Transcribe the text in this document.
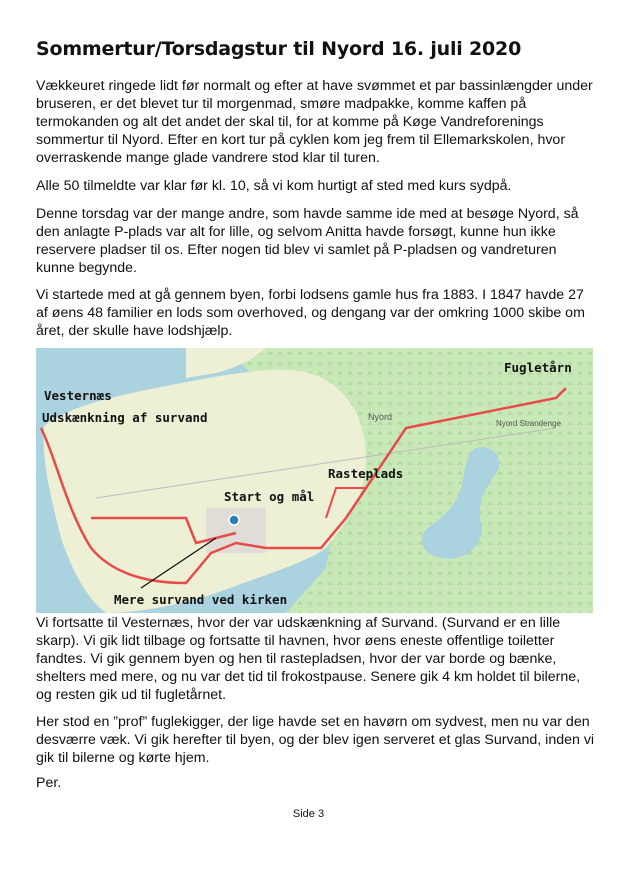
Sommertur/Torsdagstur til Nyord 16. juli 2020

Vækkeuret ringede lidt før normalt og efter at have svømmet et par bassinlængder under bruseren, er det blevet tur til morgenmad, smøre madpakke, komme kaffen på termokanden og alt det andet der skal til, for at komme på Køge Vandreforenings sommertur til Nyord. Efter en kort tur på cyklen kom jeg frem til Ellemarkskolen, hvor overraskende mange glade vandrere stod klar til turen.

Alle 50 tilmeldte var klar før kl. 10, så vi kom hurtigt af sted med kurs sydpå.

Denne torsdag var der mange andre, som havde samme ide med at besøge Nyord, så den anlagte P-plads var alt for lille, og selvom Anitta havde forsøgt, kunne hun ikke reservere pladser til os. Efter nogen tid blev vi samlet på P-pladsen og vandreturen kunne begynde.

Vi startede med at gå gennem byen, forbi lodsens gamle hus fra 1883. I 1847 havde 27 af øens 48 familier en lods som overhoved, og dengang var der omkring 1000 skibe om året, der skulle have lodshjælp.

Vesternæs
Udskænkning af survand
Fugletårn
Rasteplads
Start og mål
Mere survand ved kirken
Nyord
Nyord Strandenge

Vi fortsatte til Vesternæs, hvor der var udskænkning af Survand. (Survand er en lille skarp). Vi gik lidt tilbage og fortsatte til havnen, hvor øens eneste offentlige toiletter fandtes. Vi gik gennem byen og hen til rastepladsen, hvor der var borde og bænke, shelters med mere, og nu var det tid til frokostpause. Senere gik 4 km holdet til bilerne, og resten gik ud til fugletårnet.

Her stod en ”prof” fuglekigger, der lige havde set en havørn om sydvest, men nu var den desværre væk. Vi gik herefter til byen, og der blev igen serveret et glas Survand, inden vi gik til bilerne og kørte hjem.

Per.

Side 3
